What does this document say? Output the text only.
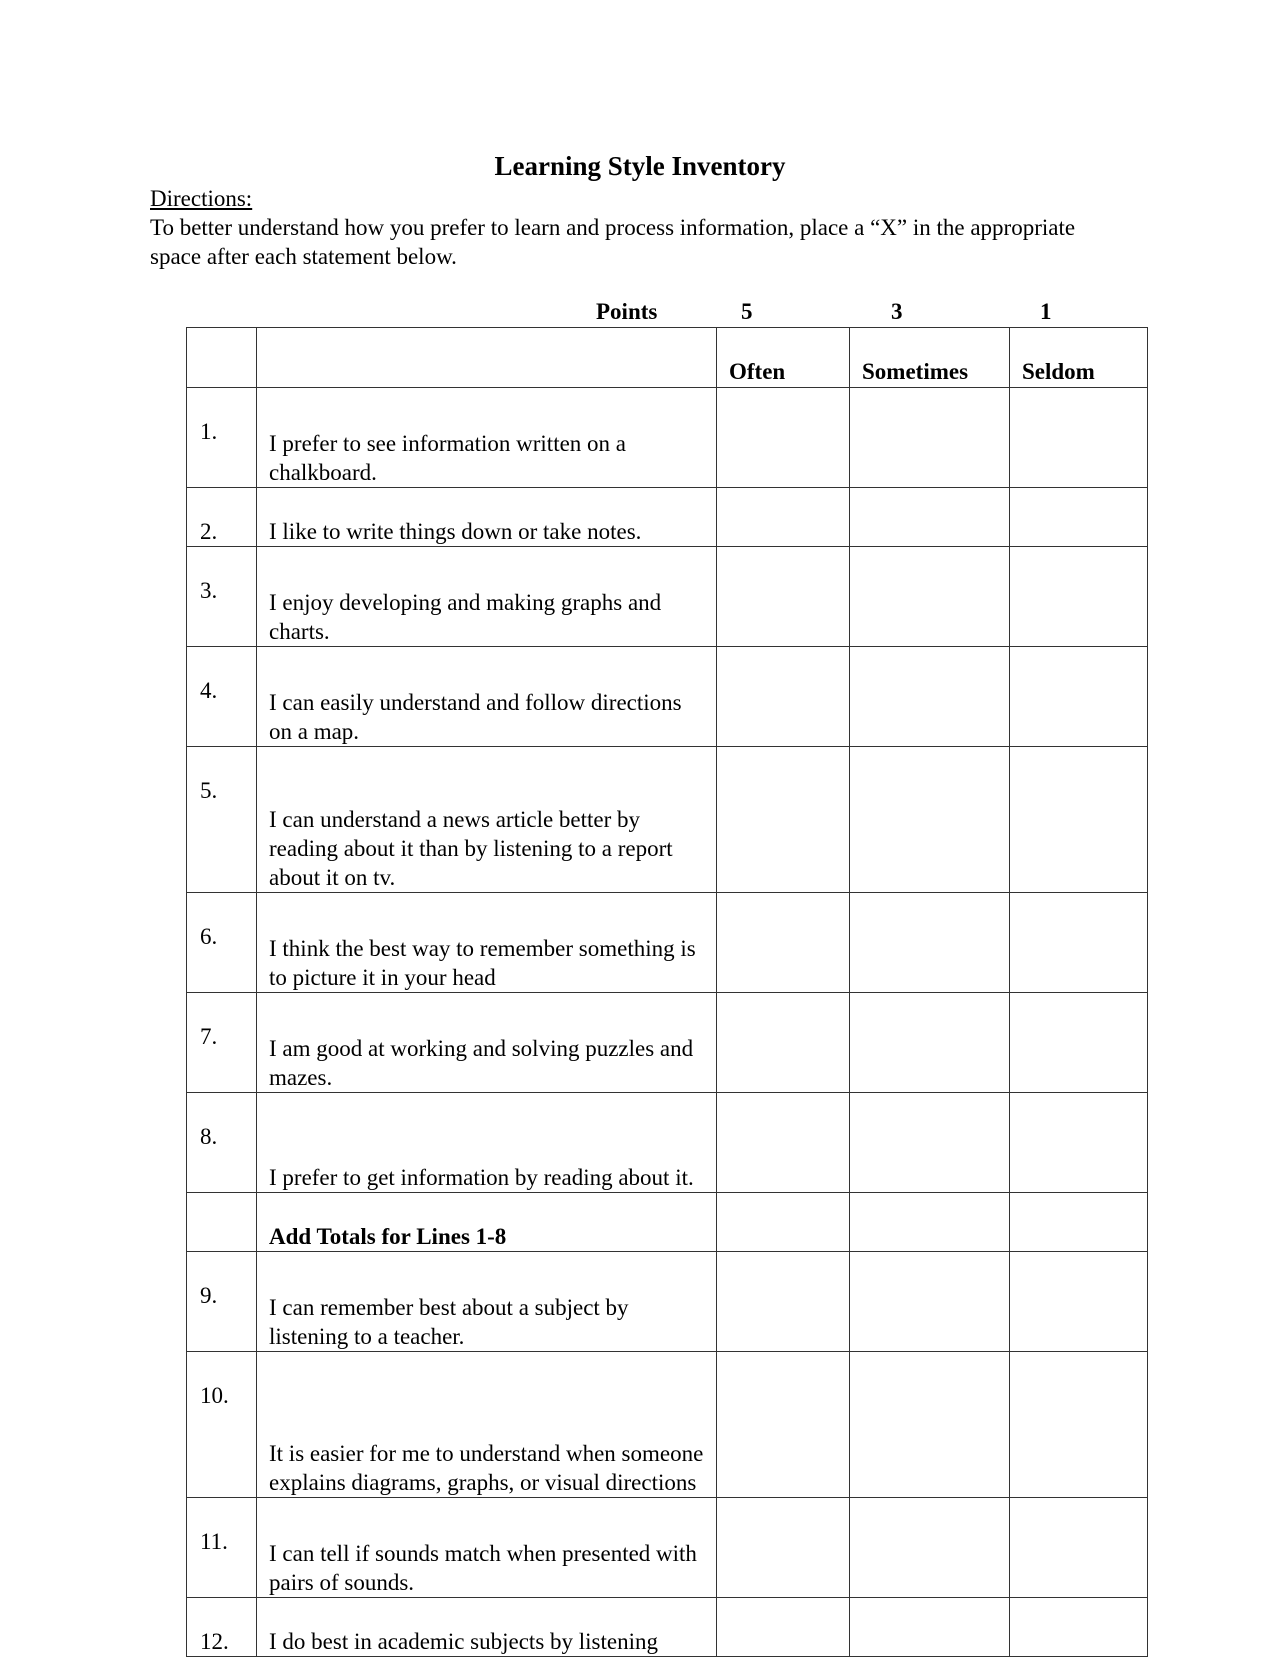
Learning Style Inventory
Directions:
To better understand how you prefer to learn and process information, place a “X” in the appropriate space after each statement below.
Points	5	3	1
		Often	Sometimes	Seldom
1.	I prefer to see information written on a chalkboard.			
2.	I like to write things down or take notes.			
3.	I enjoy developing and making graphs and charts.			
4.	I can easily understand and follow directions on a map.			
5.	I can understand a news article better by reading about it than by listening to a report about it on tv.			
6.	I think the best way to remember something is to picture it in your head			
7.	I am good at working and solving puzzles and mazes.			
8.	I prefer to get information by reading about it.			
	Add Totals for Lines 1-8			
9.	I can remember best about a subject by listening to a teacher.			
10.	It is easier for me to understand when someone explains diagrams, graphs, or visual directions			
11.	I can tell if sounds match when presented with pairs of sounds.			
12.	I do best in academic subjects by listening			
